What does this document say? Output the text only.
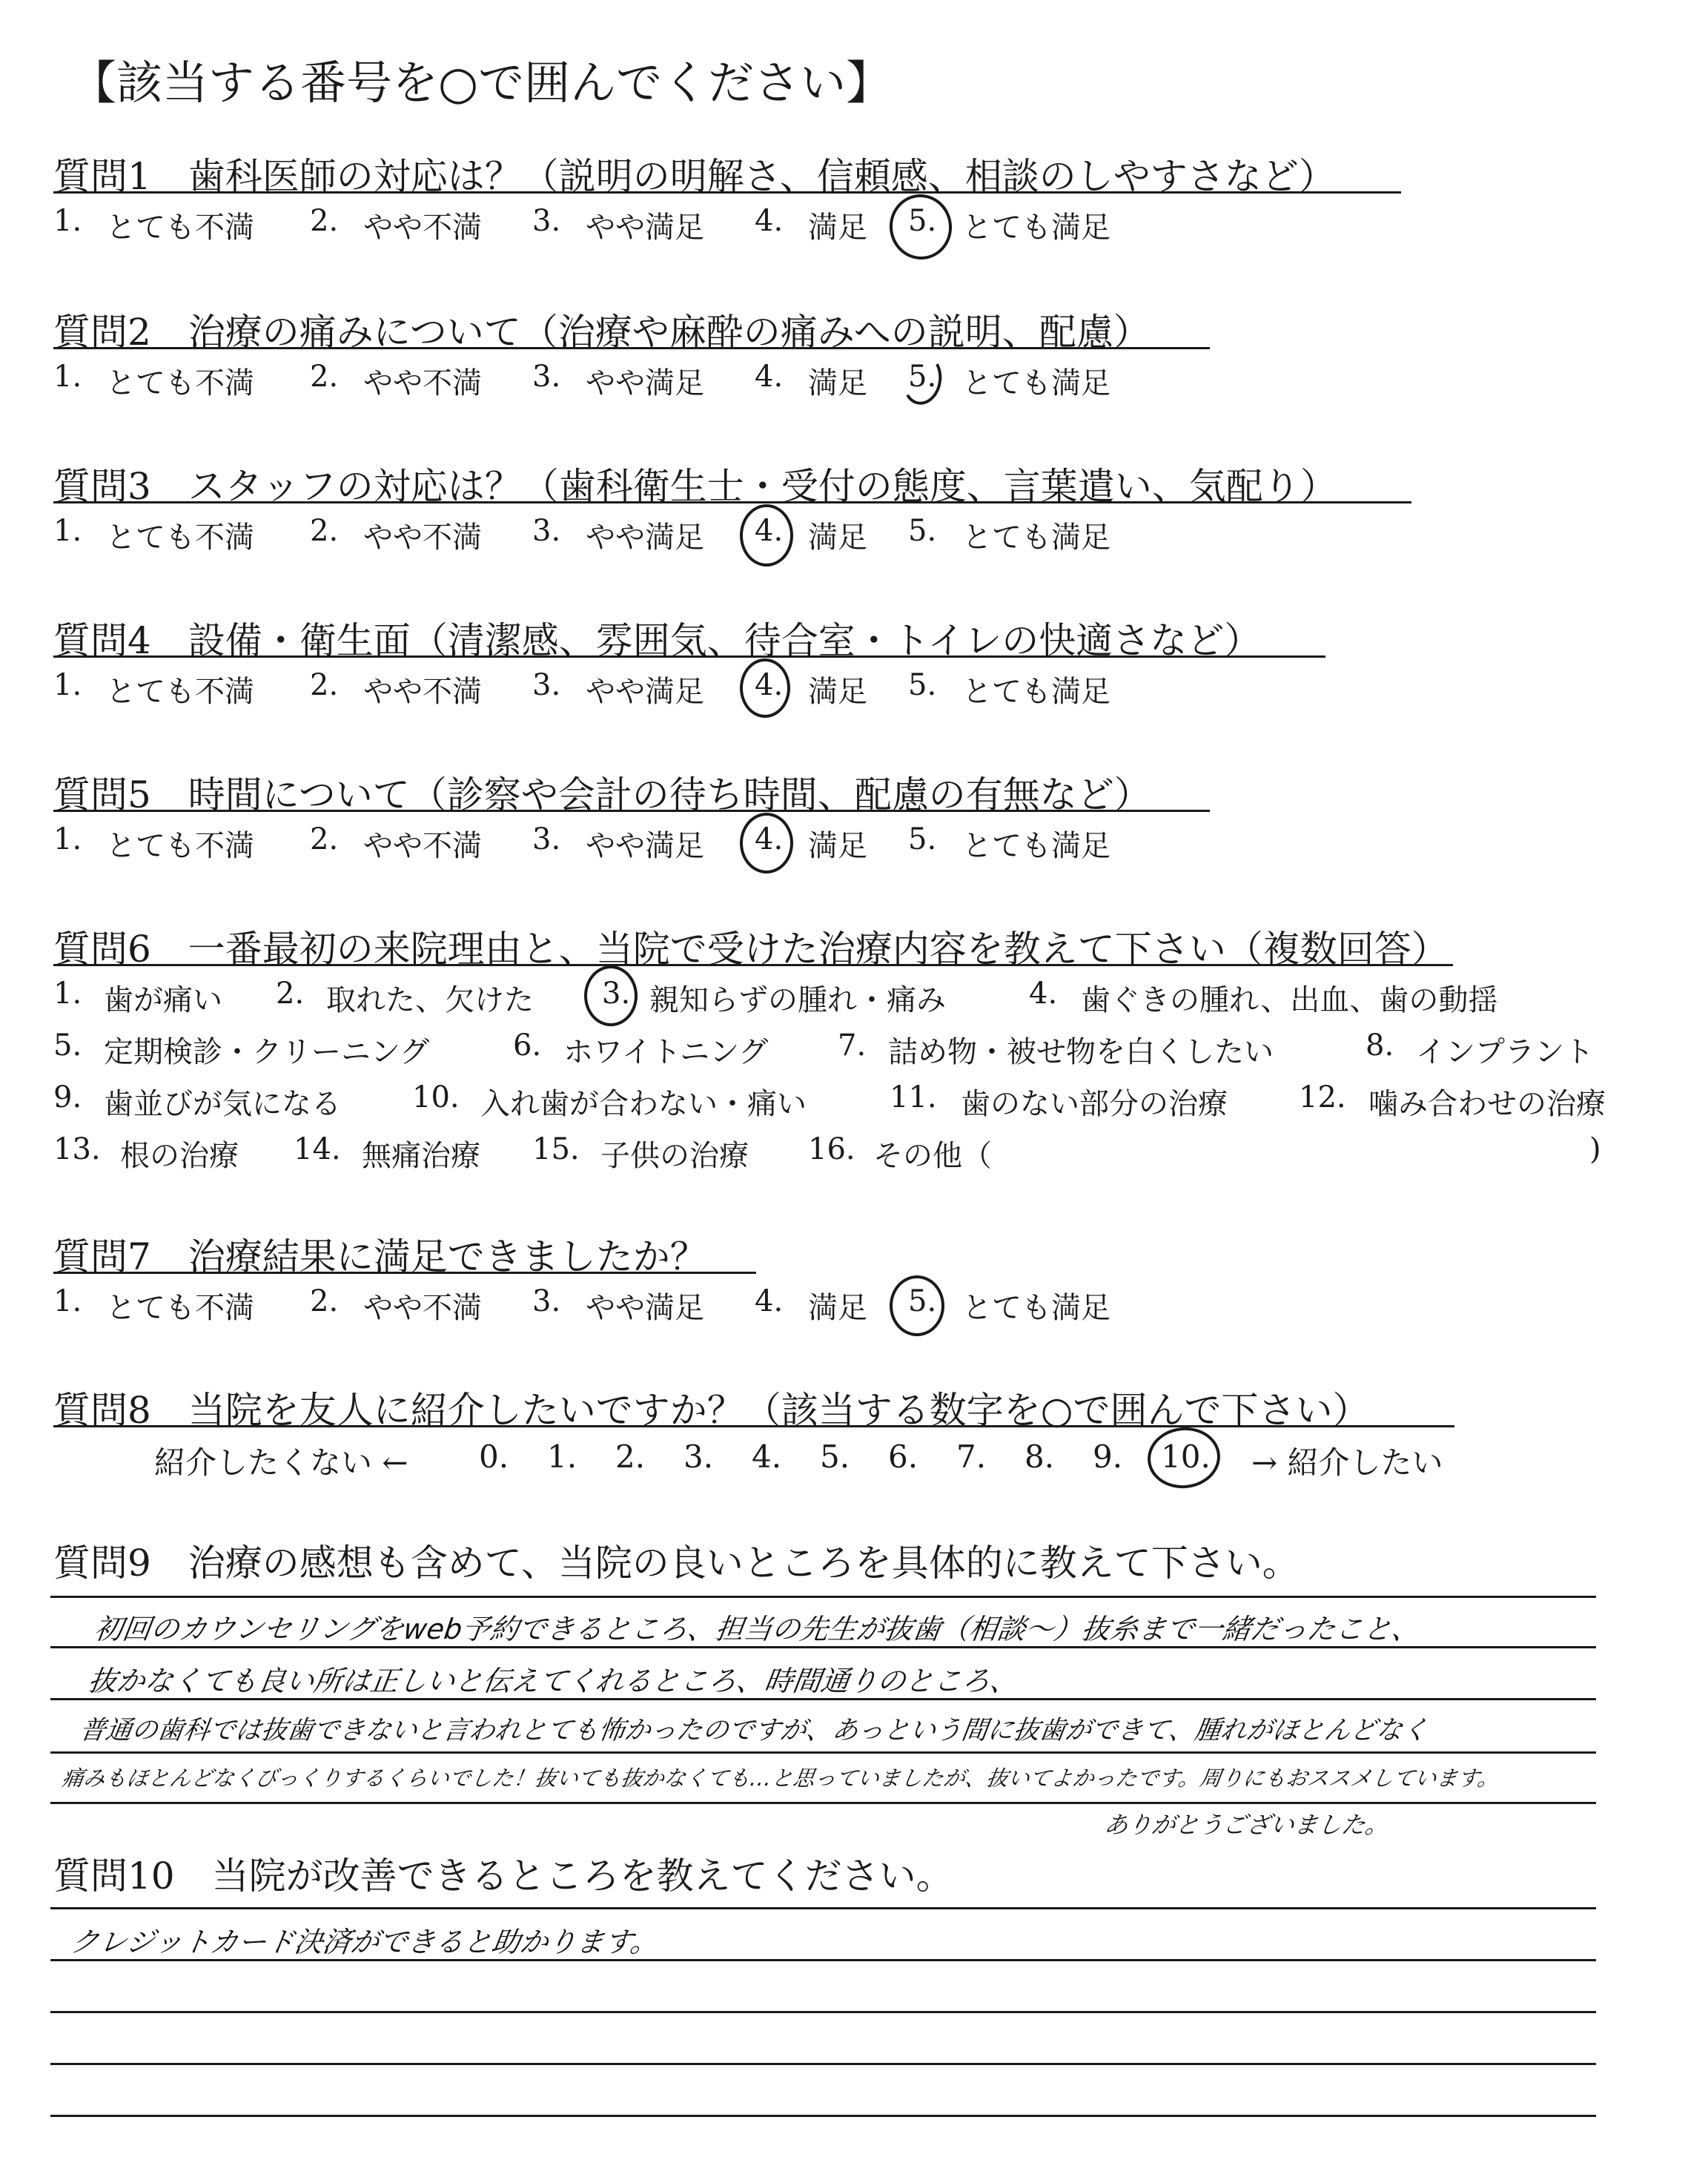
【該当する番号を○で囲んでください】
質問1　歯科医師の対応は？（説明の明解さ、信頼感、相談のしやすさなど）
1. とても不満 2. やや不満 3. やや満足 4. 満足 5. とても満足
質問2　治療の痛みについて（治療や麻酔の痛みへの説明、配慮）
1. とても不満 2. やや不満 3. やや満足 4. 満足 5. とても満足
質問3　スタッフの対応は？（歯科衛生士・受付の態度、言葉遣い、気配り）
1. とても不満 2. やや不満 3. やや満足 4. 満足 5. とても満足
質問4　設備・衛生面（清潔感、雰囲気、待合室・トイレの快適さなど）
1. とても不満 2. やや不満 3. やや満足 4. 満足 5. とても満足
質問5　時間について（診察や会計の待ち時間、配慮の有無など）
1. とても不満 2. やや不満 3. やや満足 4. 満足 5. とても満足
質問6　一番最初の来院理由と、当院で受けた治療内容を教えて下さい（複数回答）
1. 歯が痛い 2. 取れた、欠けた 3. 親知らずの腫れ・痛み	4. 歯ぐきの腫れ、出血、歯の動揺
5. 定期検診・クリーニング	6. ホワイトニング 7. 詰め物・被せ物を白くしたい	8. インプラント
9. 歯並びが気になる 10. 入れ歯が合わない・痛い	11. 歯のない部分の治療 12. 噛み合わせの治療
13. 根の治療 14. 無痛治療 15. 子供の治療 16. その他（	)
質問7　治療結果に満足できましたか？
1. とても不満 2. やや不満 3. やや満足 4. 満足 5. とても満足
質問8　当院を友人に紹介したいですか？（該当する数字を○で囲んで下さい）
紹介したくない ← 0. 1. 2. 3. 4. 5. 6. 7. 8. 9. 10. → 紹介したい
質問9　治療の感想も含めて、当院の良いところを具体的に教えて下さい。
初回のカウンセリングをweb予約できるところ、担当の先生が抜歯（相談〜）抜糸まで一緒だったこと、
抜かなくても良い所は正しいと伝えてくれるところ、時間通りのところ、
普通の歯科では抜歯できないと言われとても怖かったのですが、あっという間に抜歯ができて、腫れがほとんどなく
痛みもほとんどなくびっくりするくらいでした！抜いても抜かなくても…と思っていましたが、抜いてよかったです。周りにもおススメしています。
ありがとうございました。
質問10　当院が改善できるところを教えてください。
クレジットカード決済ができると助かります。
